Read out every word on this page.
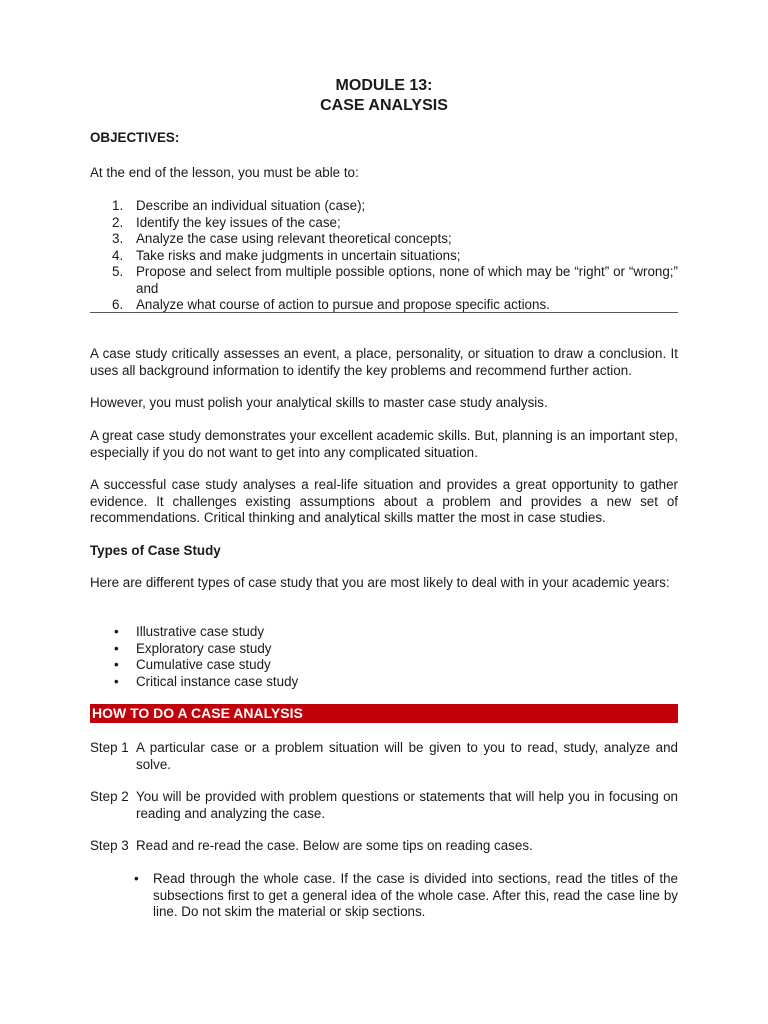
MODULE 13:
CASE ANALYSIS
OBJECTIVES:
At the end of the lesson, you must be able to:
1. Describe an individual situation (case);
2. Identify the key issues of the case;
3. Analyze the case using relevant theoretical concepts;
4. Take risks and make judgments in uncertain situations;
5. Propose and select from multiple possible options, none of which may be “right” or “wrong;” and
6. Analyze what course of action to pursue and propose specific actions.
A case study critically assesses an event, a place, personality, or situation to draw a conclusion. It uses all background information to identify the key problems and recommend further action.
However, you must polish your analytical skills to master case study analysis.
A great case study demonstrates your excellent academic skills. But, planning is an important step, especially if you do not want to get into any complicated situation.
A successful case study analyses a real-life situation and provides a great opportunity to gather evidence. It challenges existing assumptions about a problem and provides a new set of recommendations. Critical thinking and analytical skills matter the most in case studies.
Types of Case Study
Here are different types of case study that you are most likely to deal with in your academic years:
• Illustrative case study
• Exploratory case study
• Cumulative case study
• Critical instance case study
HOW TO DO A CASE ANALYSIS
Step 1 A particular case or a problem situation will be given to you to read, study, analyze and solve.
Step 2 You will be provided with problem questions or statements that will help you in focusing on reading and analyzing the case.
Step 3 Read and re-read the case. Below are some tips on reading cases.
• Read through the whole case. If the case is divided into sections, read the titles of the subsections first to get a general idea of the whole case. After this, read the case line by line. Do not skim the material or skip sections.
